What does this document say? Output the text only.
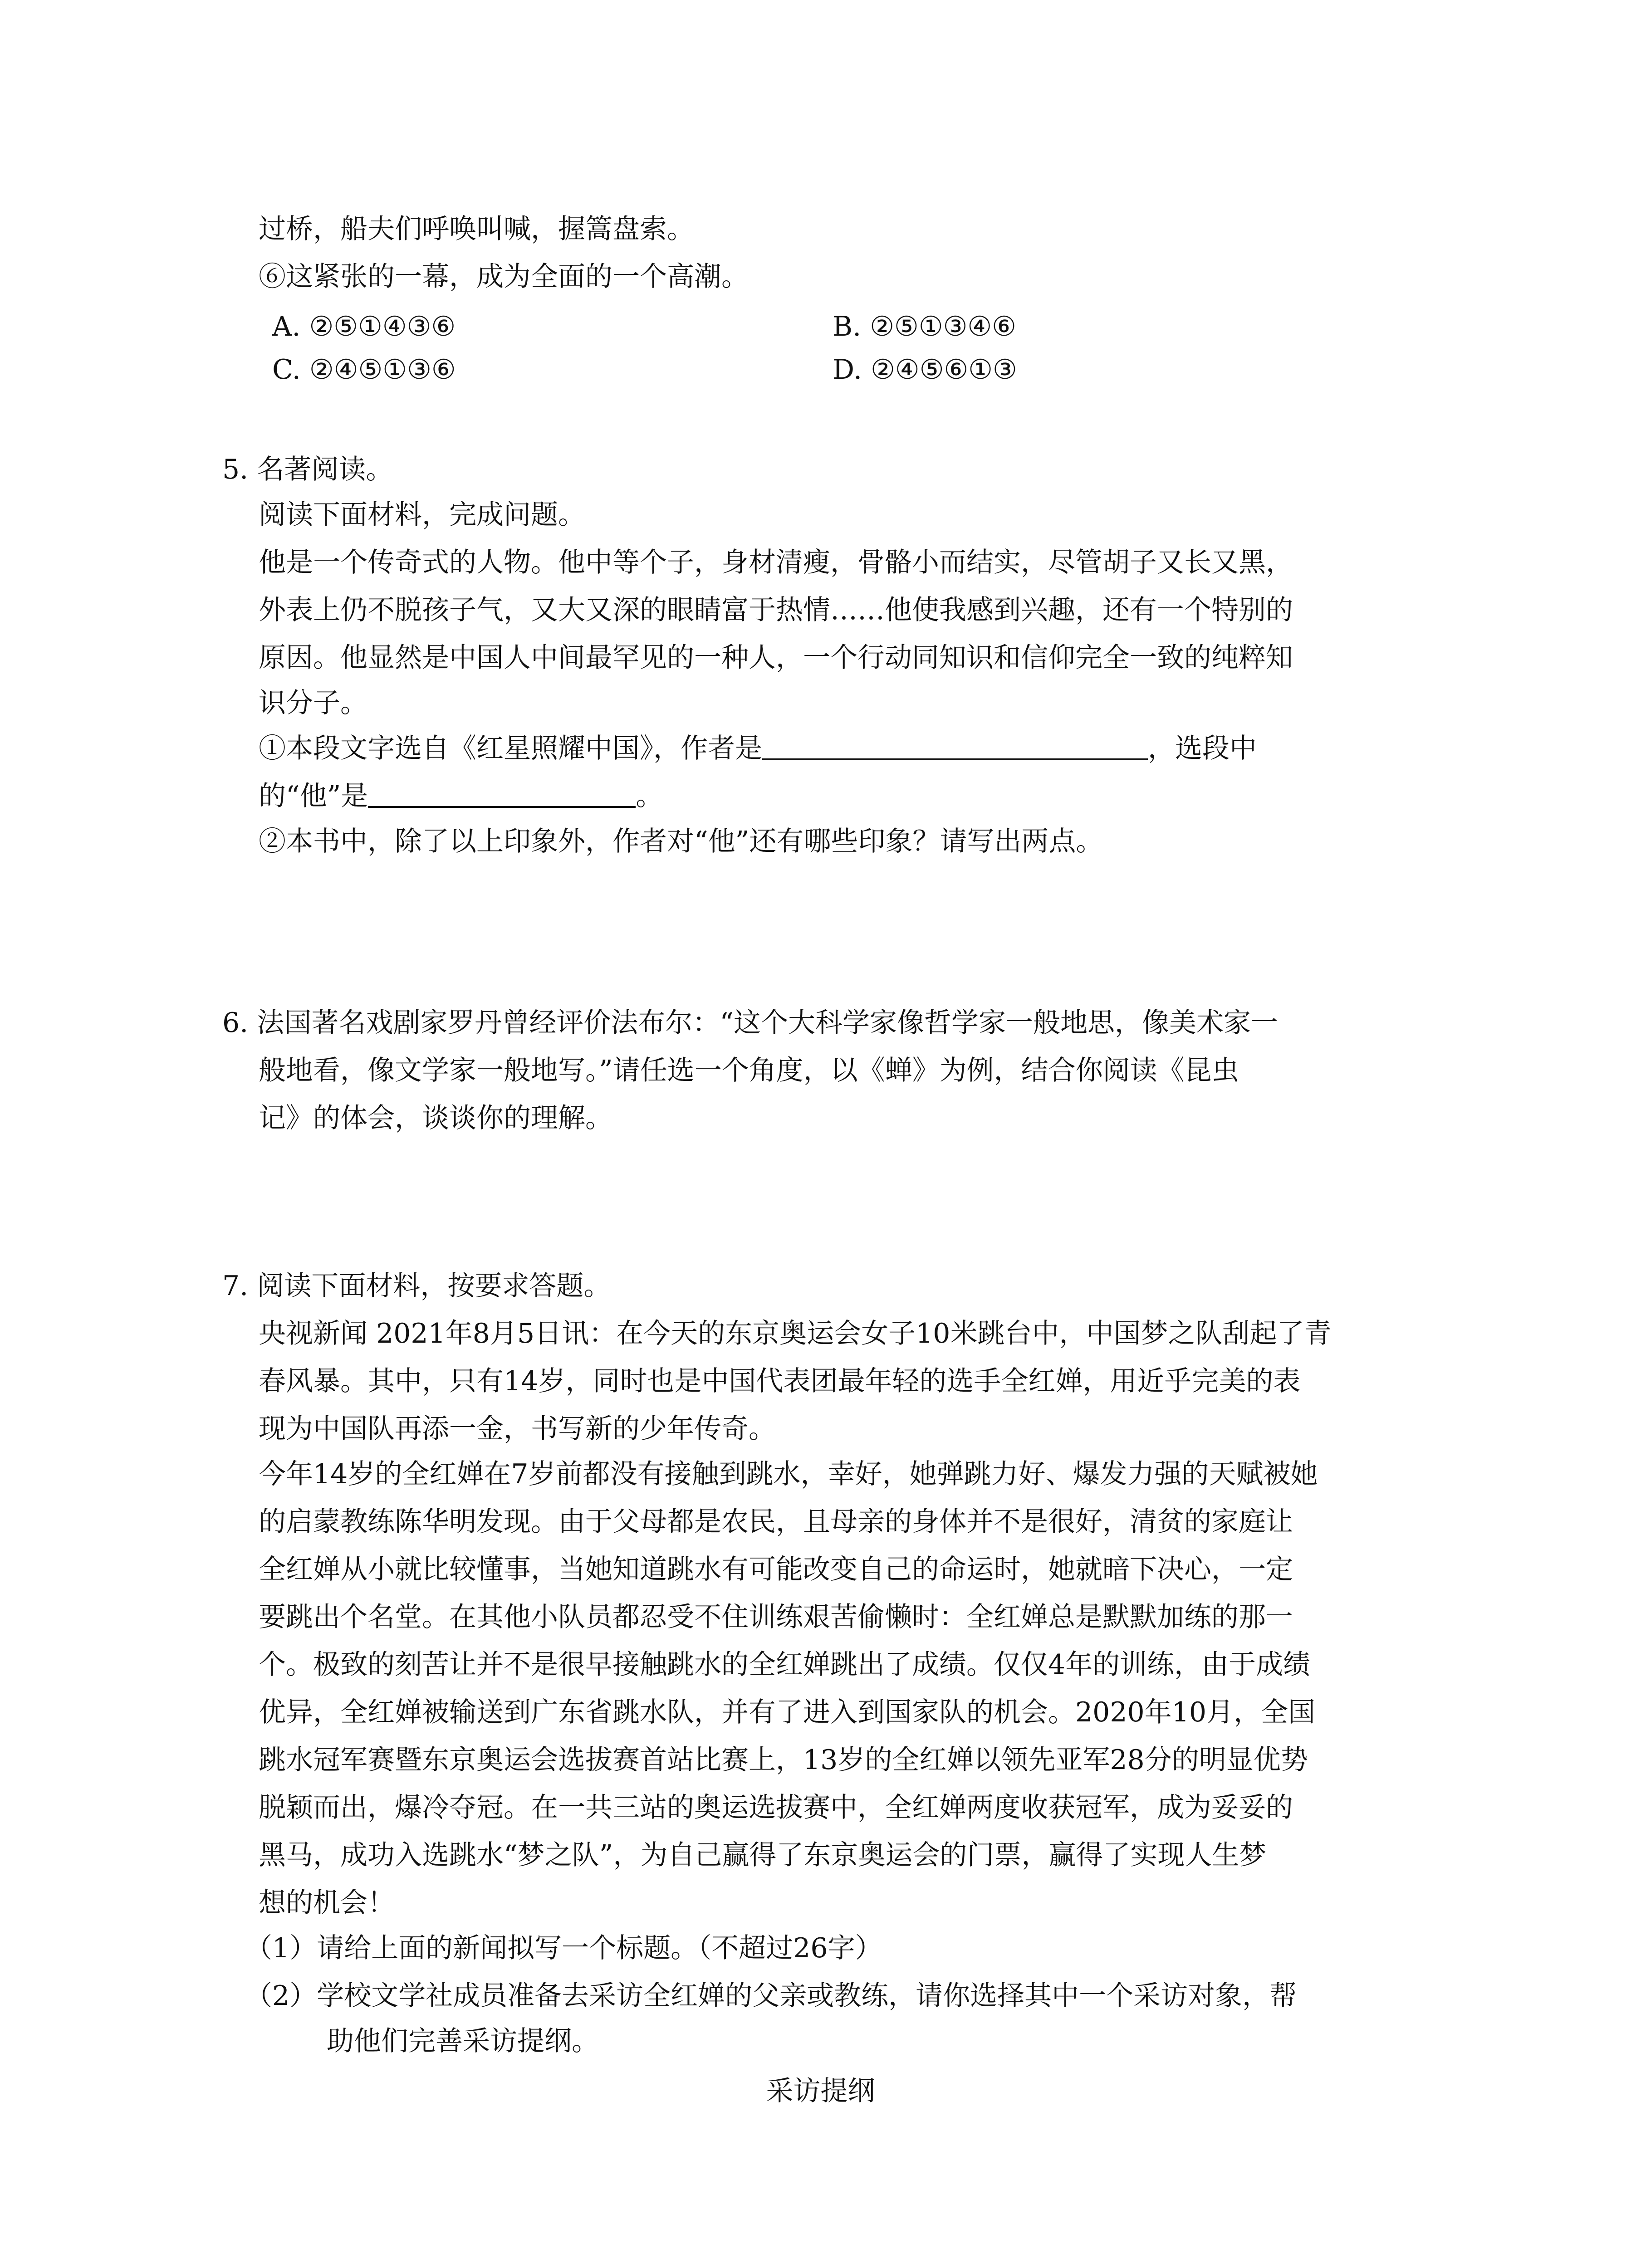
过桥，船夫们呼唤叫喊，握篙盘索。
⑥这紧张的一幕，成为全面的一个高潮。
A. ②⑤①④③⑥	B. ②⑤①③④⑥
C. ②④⑤①③⑥	D. ②④⑤⑥①③
5. 名著阅读。
阅读下面材料，完成问题。
他是一个传奇式的人物。他中等个子，身材清瘦，骨骼小而结实，尽管胡子又长又黑，
外表上仍不脱孩子气，又大又深的眼睛富于热情……他使我感到兴趣，还有一个特别的
原因。他显然是中国人中间最罕见的一种人，一个行动同知识和信仰完全一致的纯粹知
识分子。
①本段文字选自《红星照耀中国》，作者是	，选段中
的“他”是	。
②本书中，除了以上印象外，作者对“他”还有哪些印象？请写出两点。
6. 法国著名戏剧家罗丹曾经评价法布尔：“这个大科学家像哲学家一般地思，像美术家一
般地看，像文学家一般地写。”请任选一个角度，以《蝉》为例，结合你阅读《昆虫
记》的体会，谈谈你的理解。
7. 阅读下面材料，按要求答题。
央视新闻 2021年8月5日讯：在今天的东京奥运会女子10米跳台中，中国梦之队刮起了青
春风暴。其中，只有14岁，同时也是中国代表团最年轻的选手全红婵，用近乎完美的表
现为中国队再添一金，书写新的少年传奇。
今年14岁的全红婵在7岁前都没有接触到跳水，幸好，她弹跳力好、爆发力强的天赋被她
的启蒙教练陈华明发现。由于父母都是农民，且母亲的身体并不是很好，清贫的家庭让
全红婵从小就比较懂事，当她知道跳水有可能改变自己的命运时，她就暗下决心，一定
要跳出个名堂。在其他小队员都忍受不住训练艰苦偷懒时：全红婵总是默默加练的那一
个。极致的刻苦让并不是很早接触跳水的全红婵跳出了成绩。仅仅4年的训练，由于成绩
优异，全红婵被输送到广东省跳水队，并有了进入到国家队的机会。2020年10月，全国
跳水冠军赛暨东京奥运会选拔赛首站比赛上，13岁的全红婵以领先亚军28分的明显优势
脱颖而出，爆冷夺冠。在一共三站的奥运选拔赛中，全红婵两度收获冠军，成为妥妥的
黑马，成功入选跳水“梦之队”，为自己赢得了东京奥运会的门票，赢得了实现人生梦
想的机会！
（1）请给上面的新闻拟写一个标题。（不超过26字）
（2）学校文学社成员准备去采访全红婵的父亲或教练，请你选择其中一个采访对象，帮
助他们完善采访提纲。
采访提纲
